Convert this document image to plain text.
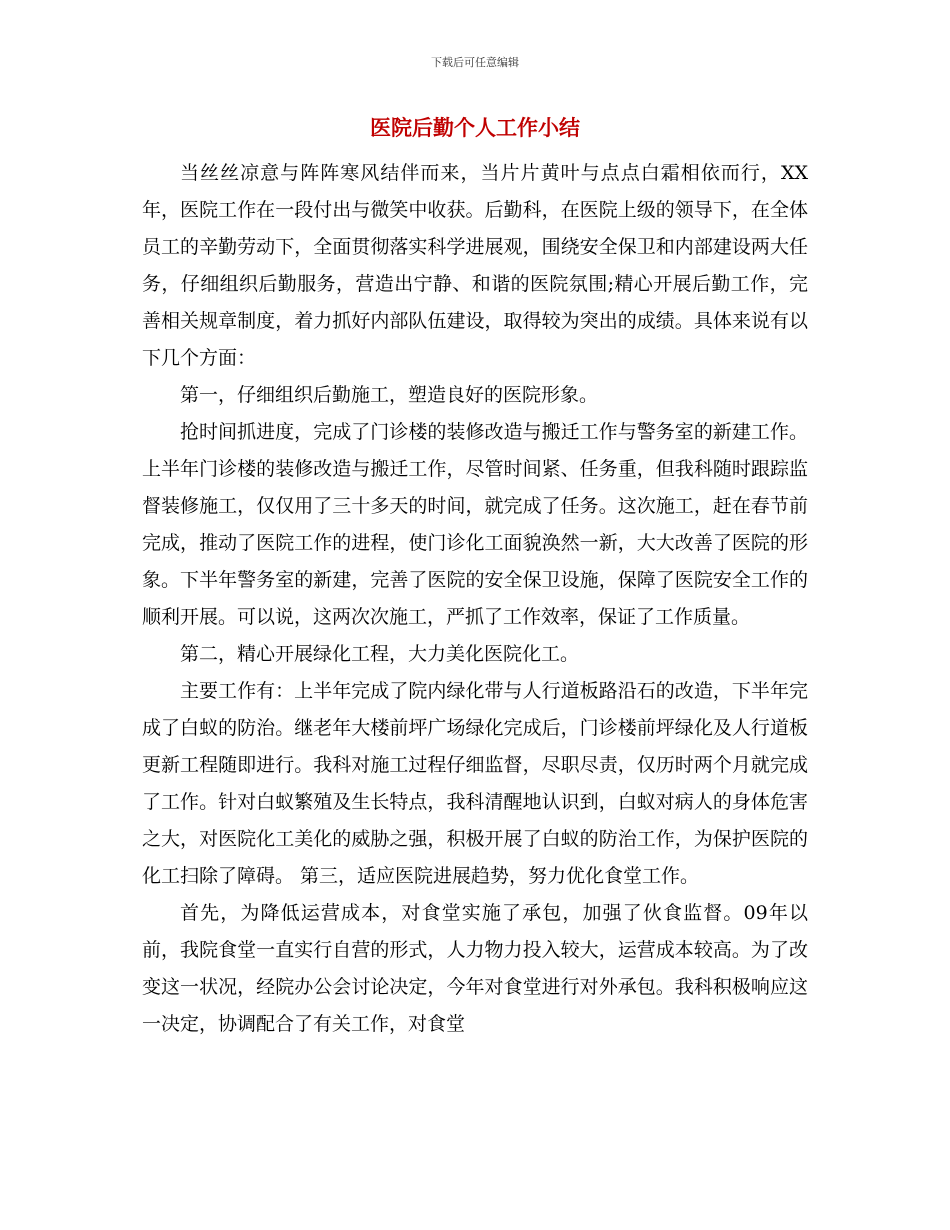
下载后可任意编辑
医院后勤个人工作小结

当丝丝凉意与阵阵寒风结伴而来，当片片黄叶与点点白霜相依而行，XX年，医院工作在一段付出与微笑中收获。后勤科，在医院上级的领导下，在全体员工的辛勤劳动下，全面贯彻落实科学进展观，围绕安全保卫和内部建设两大任务，仔细组织后勤服务，营造出宁静、和谐的医院氛围;精心开展后勤工作，完善相关规章制度，着力抓好内部队伍建设，取得较为突出的成绩。具体来说有以下几个方面：

第一，仔细组织后勤施工，塑造良好的医院形象。

抢时间抓进度，完成了门诊楼的装修改造与搬迁工作与警务室的新建工作。上半年门诊楼的装修改造与搬迁工作，尽管时间紧、任务重，但我科随时跟踪监督装修施工，仅仅用了三十多天的时间，就完成了任务。这次施工，赶在春节前完成，推动了医院工作的进程，使门诊化工面貌涣然一新，大大改善了医院的形象。下半年警务室的新建，完善了医院的安全保卫设施，保障了医院安全工作的顺利开展。可以说，这两次次施工，严抓了工作效率，保证了工作质量。

第二，精心开展绿化工程，大力美化医院化工。

主要工作有：上半年完成了院内绿化带与人行道板路沿石的改造，下半年完成了白蚁的防治。继老年大楼前坪广场绿化完成后，门诊楼前坪绿化及人行道板更新工程随即进行。我科对施工过程仔细监督，尽职尽责，仅历时两个月就完成了工作。针对白蚁繁殖及生长特点，我科清醒地认识到，白蚁对病人的身体危害之大，对医院化工美化的威胁之强，积极开展了白蚁的防治工作，为保护医院的化工扫除了障碍。 第三，适应医院进展趋势，努力优化食堂工作。

首先，为降低运营成本，对食堂实施了承包，加强了伙食监督。09年以前，我院食堂一直实行自营的形式，人力物力投入较大，运营成本较高。为了改变这一状况，经院办公会讨论决定，今年对食堂进行对外承包。我科积极响应这一决定，协调配合了有关工作，对食堂
